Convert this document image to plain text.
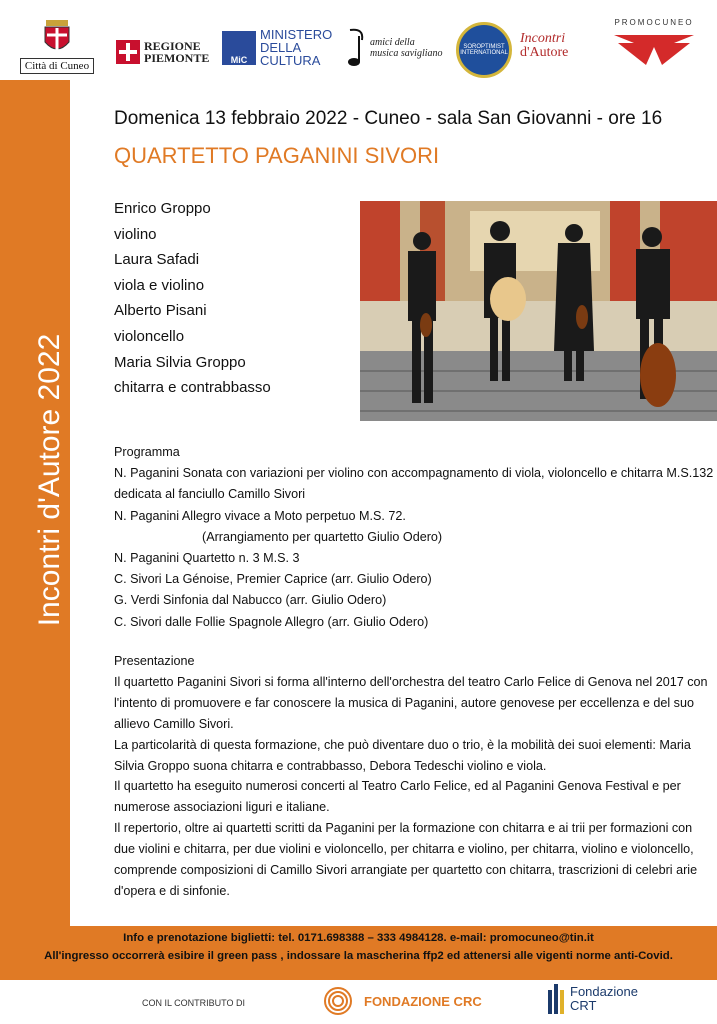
Città di Cuneo
REGIONE
PIEMONTE	MiC
MINISTERO
DELLA
CULTURA
amici della
musica savigliano
SOROPTIMIST INTERNATIONAL
Incontri
d'Autore
PROMOCUNEO
Incontri d'Autore 2022
Domenica 13 febbraio 2022 - Cuneo - sala San Giovanni - ore 16
QUARTETTO PAGANINI SIVORI
Enrico Groppo
violino
Laura Safadi
viola e violino
Alberto Pisani
violoncello
Maria Silvia Groppo
chitarra e contrabbasso
Programma
N. Paganini Sonata con variazioni per violino con accompagnamento di viola, violoncello e chitarra M.S.132
dedicata al fanciullo Camillo Sivori
N. Paganini Allegro vivace a Moto perpetuo M.S. 72.
(Arrangiamento per quartetto Giulio Odero)
N. Paganini Quartetto n. 3 M.S. 3
C. Sivori La Génoise, Premier Caprice (arr. Giulio Odero)
G. Verdi Sinfonia dal Nabucco (arr. Giulio Odero)
C. Sivori dalle Follie Spagnole Allegro (arr. Giulio Odero)

Presentazione

Il quartetto Paganini Sivori si forma all'interno dell'orchestra del teatro Carlo Felice di Genova nel 2017 con l'intento di promuovere e far conoscere la musica di Paganini, autore genovese per eccellenza e del suo allievo Camillo Sivori.

La particolarità di questa formazione, che può diventare duo o trio, è la mobilità dei suoi elementi: Maria Silvia Groppo suona chitarra e contrabbasso, Debora Tedeschi violino e viola.

Il quartetto ha eseguito numerosi concerti al Teatro Carlo Felice, ed al Paganini Genova Festival e per numerose associazioni liguri e italiane.

Il repertorio, oltre ai quartetti scritti da Paganini per la formazione con chitarra e ai trii per formazioni con due violini e chitarra, per due violini e violoncello, per chitarra e violino, per chitarra, violino e violoncello, comprende composizioni di Camillo Sivori arrangiate per quartetto con chitarra, trascrizioni di celebri arie d'opera e di sinfonie.

Info e prenotazione biglietti: tel. 0171.698388 – 333 4984128. e-mail: promocuneo@tin.it
All'ingresso occorrerà esibire il green pass , indossare la mascherina ffp2 ed attenersi alle vigenti norme anti-Covid.
CON IL CONTRIBUTO DI	FONDAZIONE CRC
Fondazione
CRT
